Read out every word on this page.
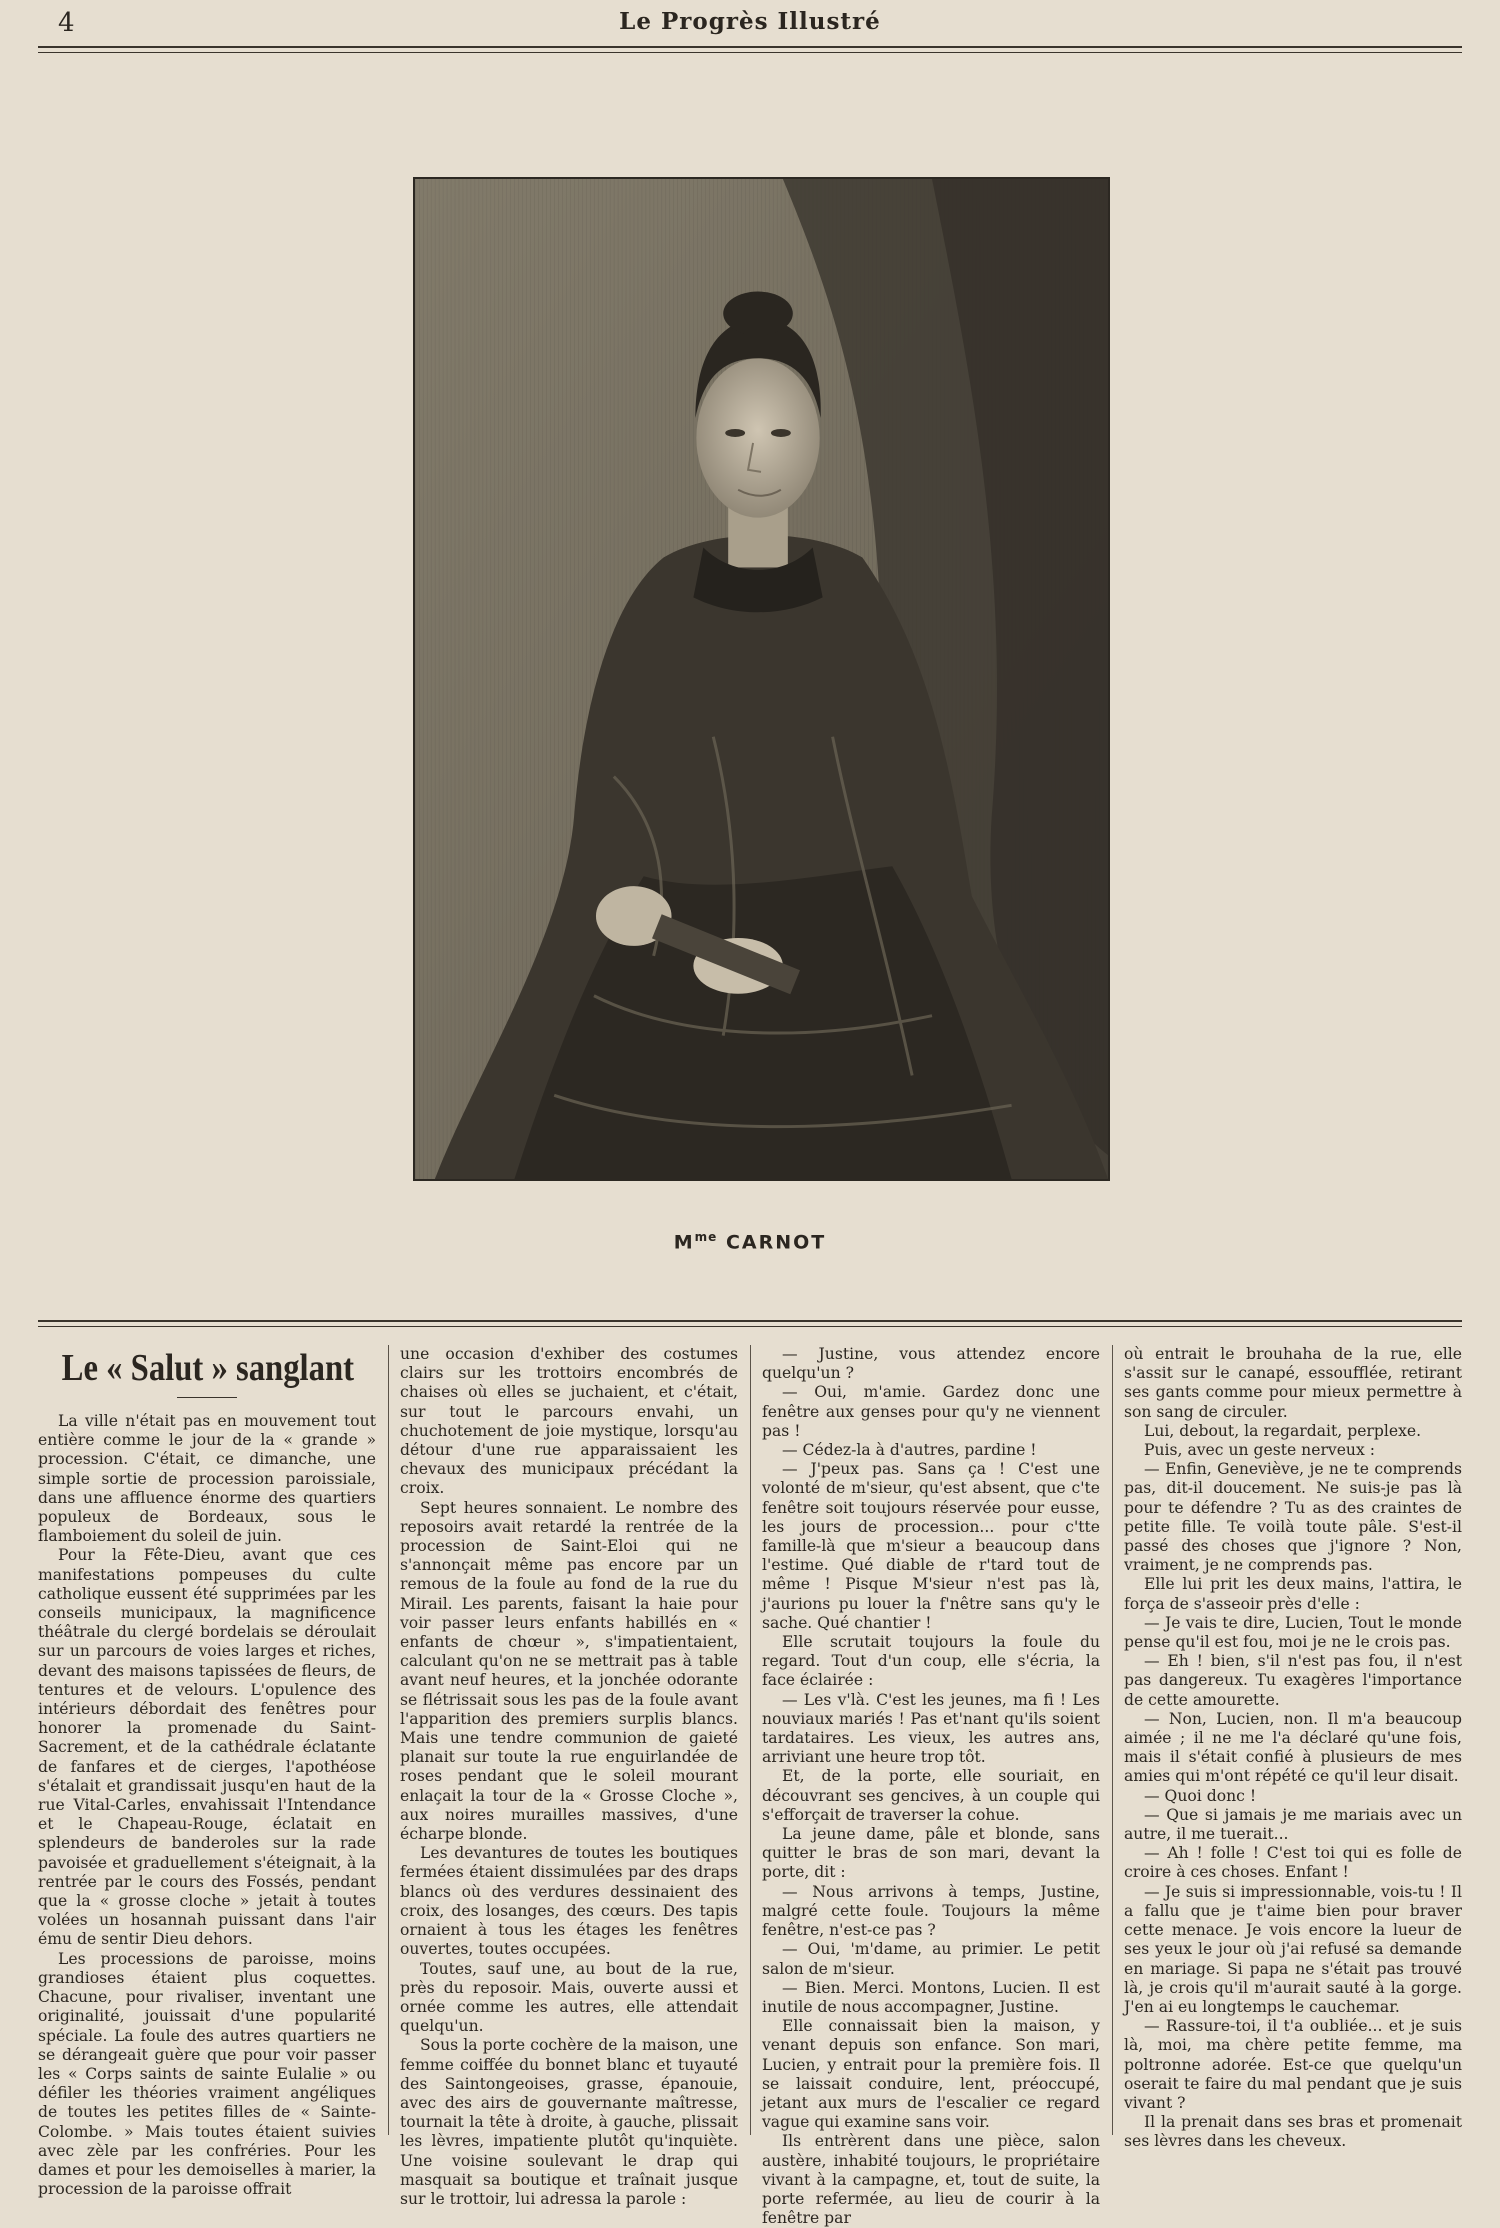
4	Le Progrès Illustré
$M^{me}$ CARNOT
Le « Salut » sanglant

La ville n'était pas en mouvement tout entière comme le jour de la « grande » procession. C'était, ce dimanche, une simple sortie de procession paroissiale, dans une affluence énorme des quartiers populeux de Bordeaux, sous le flamboiement du soleil de juin.

Pour la Fête-Dieu, avant que ces manifestations pompeuses du culte catholique eussent été supprimées par les conseils municipaux, la magnificence théâtrale du clergé bordelais se déroulait sur un parcours de voies larges et riches, devant des maisons tapissées de fleurs, de tentures et de velours. L'opulence des intérieurs débordait des fenêtres pour honorer la promenade du Saint-Sacrement, et de la cathédrale éclatante de fanfares et de cierges, l'apothéose s'étalait et grandissait jusqu'en haut de la rue Vital-Carles, envahissait l'Intendance et le Chapeau-Rouge, éclatait en splendeurs de banderoles sur la rade pavoisée et graduellement s'éteignait, à la rentrée par le cours des Fossés, pendant que la « grosse cloche » jetait à toutes volées un hosannah puissant dans l'air ému de sentir Dieu dehors.

Les processions de paroisse, moins grandioses étaient plus coquettes. Chacune, pour rivaliser, inventant une originalité, jouissait d'une popularité spéciale. La foule des autres quartiers ne se dérangeait guère que pour voir passer les « Corps saints de sainte Eulalie » ou défiler les théories vraiment angéliques de toutes les petites filles de « Sainte-Colombe. » Mais toutes étaient suivies avec zèle par les confréries. Pour les dames et pour les demoiselles à marier, la procession de la paroisse offrait

une occasion d'exhiber des costumes clairs sur les trottoirs encombrés de chaises où elles se juchaient, et c'était, sur tout le parcours envahi, un chuchotement de joie mystique, lorsqu'au détour d'une rue apparaissaient les chevaux des municipaux précédant la croix.

Sept heures sonnaient. Le nombre des reposoirs avait retardé la rentrée de la procession de Saint-Eloi qui ne s'annonçait même pas encore par un remous de la foule au fond de la rue du Mirail. Les parents, faisant la haie pour voir passer leurs enfants habillés en « enfants de chœur », s'impatientaient, calculant qu'on ne se mettrait pas à table avant neuf heures, et la jonchée odorante se flétrissait sous les pas de la foule avant l'apparition des premiers surplis blancs. Mais une tendre communion de gaieté planait sur toute la rue enguirlandée de roses pendant que le soleil mourant enlaçait la tour de la « Grosse Cloche », aux noires murailles massives, d'une écharpe blonde.

Les devantures de toutes les boutiques fermées étaient dissimulées par des draps blancs où des verdures dessinaient des croix, des losanges, des cœurs. Des tapis ornaient à tous les étages les fenêtres ouvertes, toutes occupées.

Toutes, sauf une, au bout de la rue, près du reposoir. Mais, ouverte aussi et ornée comme les autres, elle attendait quelqu'un.

Sous la porte cochère de la maison, une femme coiffée du bonnet blanc et tuyauté des Saintongeoises, grasse, épanouie, avec des airs de gouvernante maîtresse, tournait la tête à droite, à gauche, plissait les lèvres, impatiente plutôt qu'inquiète. Une voisine soulevant le drap qui masquait sa boutique et traînait jusque sur le trottoir, lui adressa la parole :

— Justine, vous attendez encore quelqu'un ?

— Oui, m'amie. Gardez donc une fenêtre aux genses pour qu'y ne viennent pas !

— Cédez-la à d'autres, pardine !

— J'peux pas. Sans ça ! C'est une volonté de m'sieur, qu'est absent, que c'te fenêtre soit toujours réservée pour eusse, les jours de procession... pour c'tte famille-là que m'sieur a beaucoup dans l'estime. Qué diable de r'tard tout de même ! Pisque M'sieur n'est pas là, j'aurions pu louer la f'nêtre sans qu'y le sache. Qué chantier !

Elle scrutait toujours la foule du regard. Tout d'un coup, elle s'écria, la face éclairée :

— Les v'là. C'est les jeunes, ma fi ! Les nouviaux mariés ! Pas et'nant qu'ils soient tardataires. Les vieux, les autres ans, arriviant une heure trop tôt.

Et, de la porte, elle souriait, en découvrant ses gencives, à un couple qui s'efforçait de traverser la cohue.

La jeune dame, pâle et blonde, sans quitter le bras de son mari, devant la porte, dit :

— Nous arrivons à temps, Justine, malgré cette foule. Toujours la même fenêtre, n'est-ce pas ?

— Oui, 'm'dame, au primier. Le petit salon de m'sieur.

— Bien. Merci. Montons, Lucien. Il est inutile de nous accompagner, Justine.

Elle connaissait bien la maison, y venant depuis son enfance. Son mari, Lucien, y entrait pour la première fois. Il se laissait conduire, lent, préoccupé, jetant aux murs de l'escalier ce regard vague qui examine sans voir.

Ils entrèrent dans une pièce, salon austère, inhabité toujours, le propriétaire vivant à la campagne, et, tout de suite, la porte refermée, au lieu de courir à la fenêtre par

où entrait le brouhaha de la rue, elle s'assit sur le canapé, essoufflée, retirant ses gants comme pour mieux permettre à son sang de circuler.

Lui, debout, la regardait, perplexe.

Puis, avec un geste nerveux :

— Enfin, Geneviève, je ne te comprends pas, dit-il doucement. Ne suis-je pas là pour te défendre ? Tu as des craintes de petite fille. Te voilà toute pâle. S'est-il passé des choses que j'ignore ? Non, vraiment, je ne comprends pas.

Elle lui prit les deux mains, l'attira, le força de s'asseoir près d'elle :

— Je vais te dire, Lucien, Tout le monde pense qu'il est fou, moi je ne le crois pas.

— Eh ! bien, s'il n'est pas fou, il n'est pas dangereux. Tu exagères l'importance de cette amourette.

— Non, Lucien, non. Il m'a beaucoup aimée ; il ne me l'a déclaré qu'une fois, mais il s'était confié à plusieurs de mes amies qui m'ont répété ce qu'il leur disait.

— Quoi donc !

— Que si jamais je me mariais avec un autre, il me tuerait...

— Ah ! folle ! C'est toi qui es folle de croire à ces choses. Enfant !

— Je suis si impressionnable, vois-tu ! Il a fallu que je t'aime bien pour braver cette menace. Je vois encore la lueur de ses yeux le jour où j'ai refusé sa demande en mariage. Si papa ne s'était pas trouvé là, je crois qu'il m'aurait sauté à la gorge. J'en ai eu longtemps le cauchemar.

— Rassure-toi, il t'a oubliée... et je suis là, moi, ma chère petite femme, ma poltronne adorée. Est-ce que quelqu'un oserait te faire du mal pendant que je suis vivant ?

Il la prenait dans ses bras et promenait ses lèvres dans les cheveux.
